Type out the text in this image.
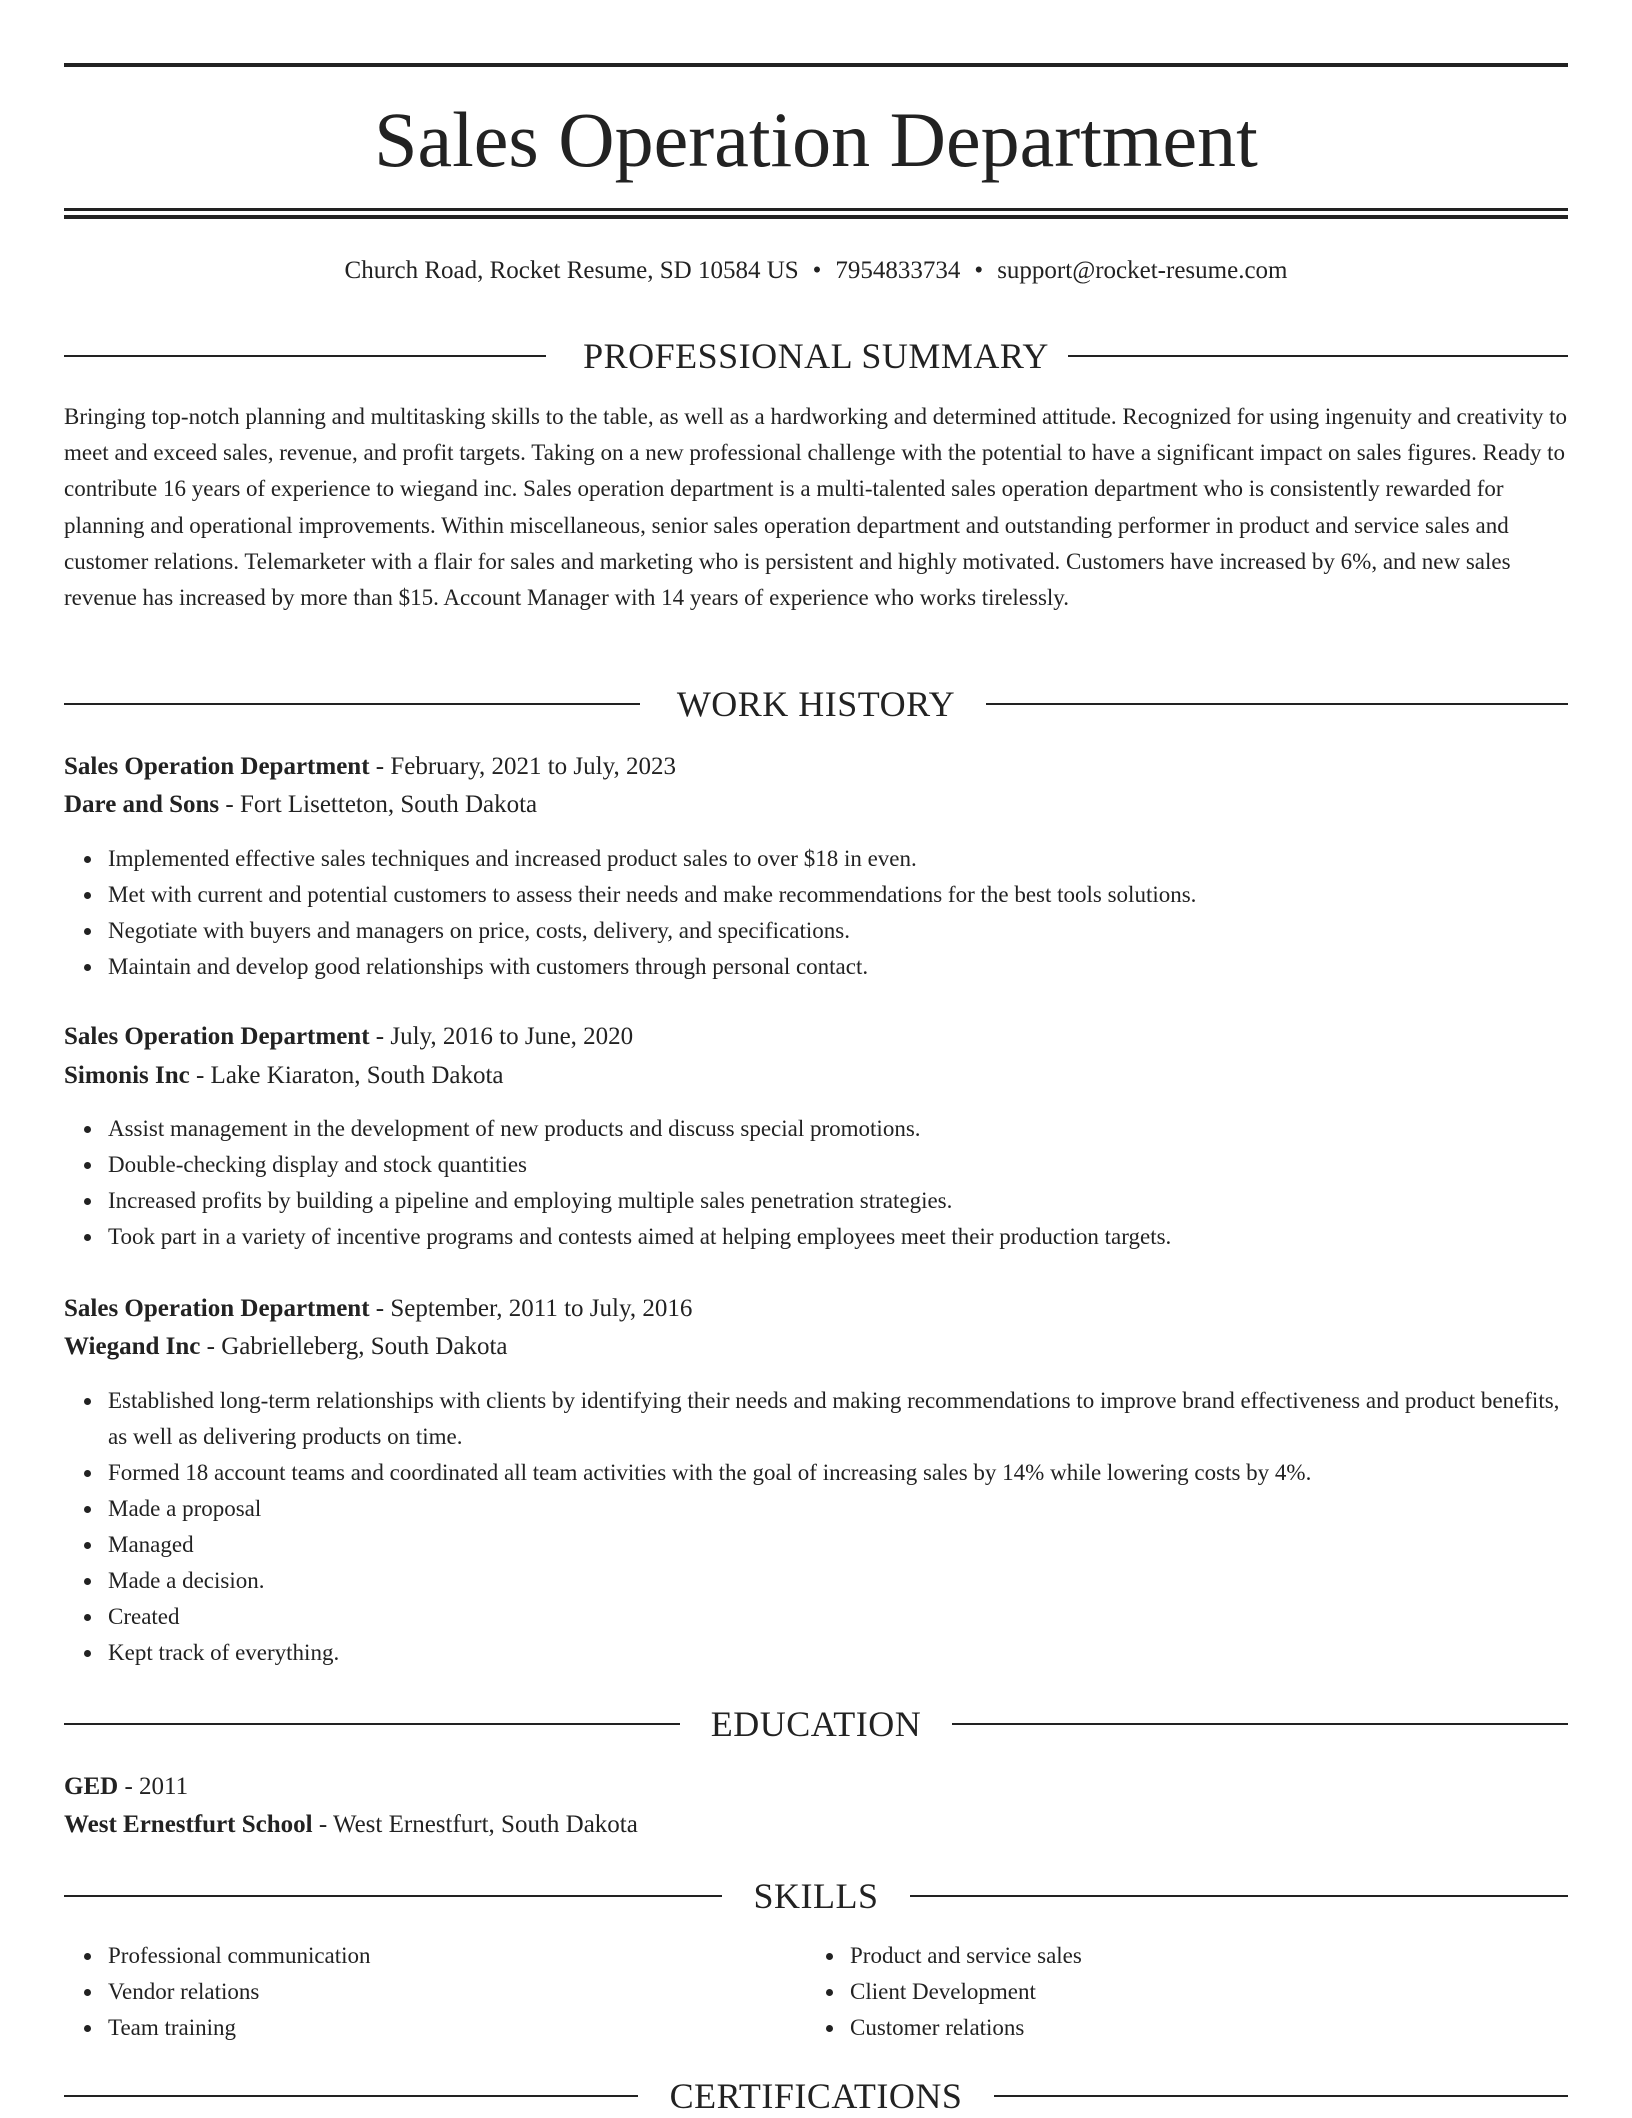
Sales Operation Department
Church Road, Rocket Resume, SD 10584 US • 7954833734 • support@rocket-resume.com
PROFESSIONAL SUMMARY

Bringing top-notch planning and multitasking skills to the table, as well as a hardworking and determined attitude. Recognized for using ingenuity and creativity to meet and exceed sales, revenue, and profit targets. Taking on a new professional challenge with the potential to have a significant impact on sales figures. Ready to contribute 16 years of experience to wiegand inc. Sales operation department is a multi-talented sales operation department who is consistently rewarded for planning and operational improvements. Within miscellaneous, senior sales operation department and outstanding performer in product and service sales and customer relations. Telemarketer with a flair for sales and marketing who is persistent and highly motivated. Customers have increased by 6%, and new sales revenue has increased by more than $15. Account Manager with 14 years of experience who works tirelessly.

WORK HISTORY
Sales Operation Department - February, 2021 to July, 2023
Dare and Sons - Fort Lisetteton, South Dakota
Implemented effective sales techniques and increased product sales to over $18 in even.
Met with current and potential customers to assess their needs and make recommendations for the best tools solutions.
Negotiate with buyers and managers on price, costs, delivery, and specifications.
Maintain and develop good relationships with customers through personal contact.
Sales Operation Department - July, 2016 to June, 2020
Simonis Inc - Lake Kiaraton, South Dakota
Assist management in the development of new products and discuss special promotions.
Double-checking display and stock quantities
Increased profits by building a pipeline and employing multiple sales penetration strategies.
Took part in a variety of incentive programs and contests aimed at helping employees meet their production targets.
Sales Operation Department - September, 2011 to July, 2016
Wiegand Inc - Gabrielleberg, South Dakota
Established long-term relationships with clients by identifying their needs and making recommendations to improve brand effectiveness and product benefits, as well as delivering products on time.
Formed 18 account teams and coordinated all team activities with the goal of increasing sales by 14% while lowering costs by 4%.
Made a proposal
Managed
Made a decision.
Created
Kept track of everything.
EDUCATION
GED - 2011
West Ernestfurt School - West Ernestfurt, South Dakota
SKILLS
Professional communication
Vendor relations
Team training
Product and service sales
Client Development
Customer relations
CERTIFICATIONS
